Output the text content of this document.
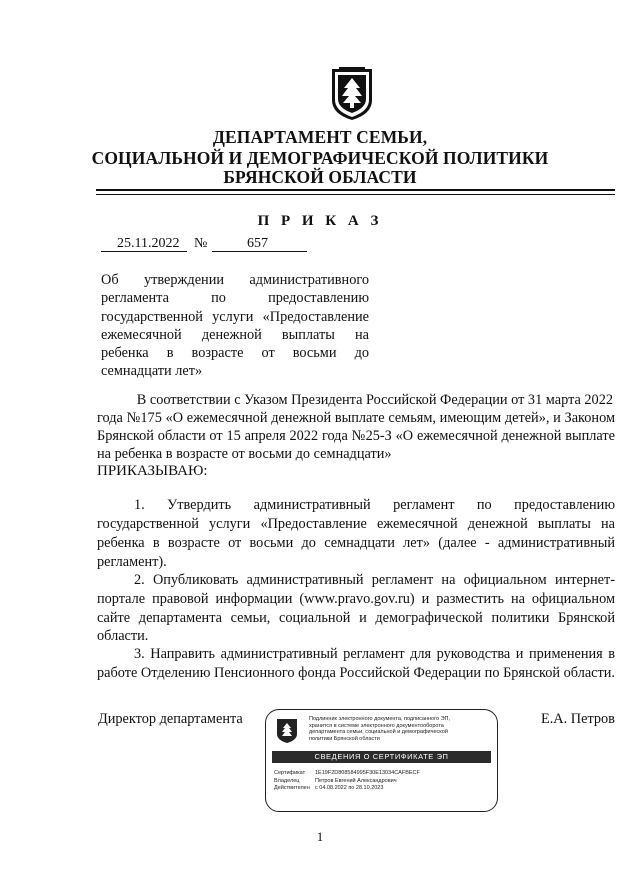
ДЕПАРТАМЕНТ СЕМЬИ,
СОЦИАЛЬНОЙ И ДЕМОГРАФИЧЕСКОЙ ПОЛИТИКИ
БРЯНСКОЙ ОБЛАСТИ
П Р И К А З
25.11.2022 №	657
Об утверждении административного
регламента по предоставлению
государственной услуги «Предоставление
ежемесячной денежной выплаты на
ребенка в возрасте от восьми до
семнадцати лет»
В соответствии с Указом Президента Российской Федерации от 31 марта 2022
года №175 «О ежемесячной денежной выплате семьям, имеющим детей», и Законом
Брянской области от 15 апреля 2022 года №25-З «О ежемесячной денежной выплате
на ребенка в возрасте от восьми до семнадцати»
ПРИКАЗЫВАЮ:
1. Утвердить административный регламент по предоставлению
государственной услуги «Предоставление ежемесячной денежной выплаты на
ребенка в возрасте от восьми до семнадцати лет» (далее - административный
регламент).
2. Опубликовать административный регламент на официальном интернет-
портале правовой информации (www.pravo.gov.ru) и разместить на официальном
сайте департамента семьи, социальной и демографической политики Брянской
области.
3. Направить административный регламент для руководства и применения в
работе Отделению Пенсионного фонда Российской Федерации по Брянской области.
Директор департамента	Е.А. Петров
Подлинник электронного документа, подписанного ЭП,
хранится в системе электронного документооборота
департамента семьи, социальной и демографической
политики Брянской области
СВЕДЕНИЯ О СЕРТИФИКАТЕ ЭП
Сертификат 1E19F2D808584995F30E13034CAFBECF
Владелец	Петров Евгений Александрович
Действителен с 04.08.2022 по 28.10.2023
1
